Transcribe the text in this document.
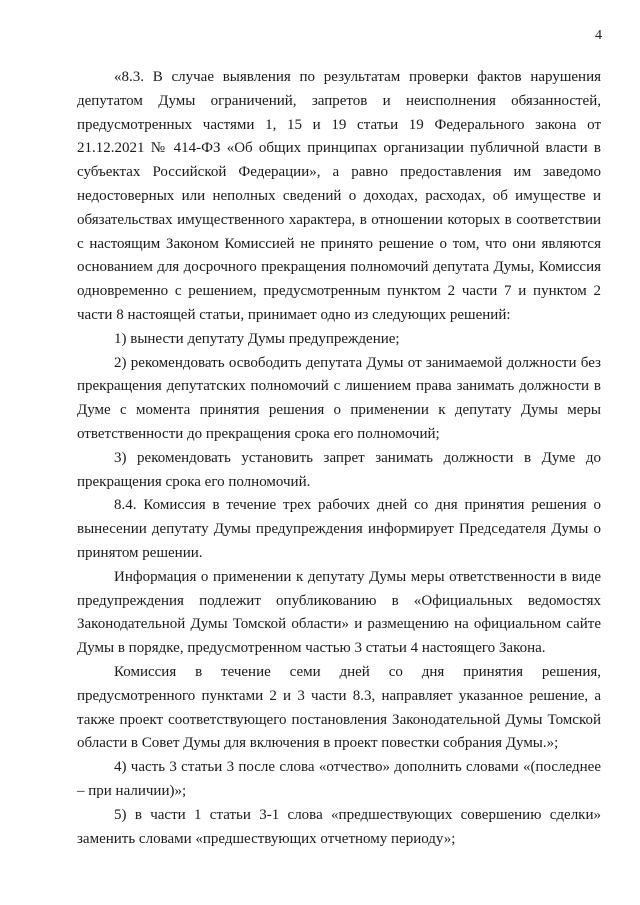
4

«8.3. В случае выявления по результатам проверки фактов нарушения депутатом Думы ограничений, запретов и неисполнения обязанностей, предусмотренных частями 1, 15 и 19 статьи 19 Федерального закона от 21.12.2021 № 414-ФЗ «Об общих принципах организации публичной власти в субъектах Российской Федерации», а равно предоставления им заведомо недостоверных или неполных сведений о доходах, расходах, об имуществе и обязательствах имущественного характера, в отношении которых в соответствии с настоящим Законом Комиссией не принято решение о том, что они являются основанием для досрочного прекращения полномочий депутата Думы, Комиссия одновременно с решением, предусмотренным пунктом 2 части 7 и пунктом 2 части 8 настоящей статьи, принимает одно из следующих решений:

1) вынести депутату Думы предупреждение;

2) рекомендовать освободить депутата Думы от занимаемой должности без прекращения депутатских полномочий с лишением права занимать должности в Думе с момента принятия решения о применении к депутату Думы меры ответственности до прекращения срока его полномочий;

3) рекомендовать установить запрет занимать должности в Думе до прекращения срока его полномочий.

8.4. Комиссия в течение трех рабочих дней со дня принятия решения о вынесении депутату Думы предупреждения информирует Председателя Думы о принятом решении.

Информация о применении к депутату Думы меры ответственности в виде предупреждения подлежит опубликованию в «Официальных ведомостях Законодательной Думы Томской области» и размещению на официальном сайте Думы в порядке, предусмотренном частью 3 статьи 4 настоящего Закона.

Комиссия в течение семи дней со дня принятия решения, предусмотренного пунктами 2 и 3 части 8.3, направляет указанное решение, а также проект соответствующего постановления Законодательной Думы Томской области в Совет Думы для включения в проект повестки собрания Думы.»;

4) часть 3 статьи 3 после слова «отчество» дополнить словами «(последнее – при наличии)»;

5) в части 1 статьи 3-1 слова «предшествующих совершению сделки» заменить словами «предшествующих отчетному периоду»;
